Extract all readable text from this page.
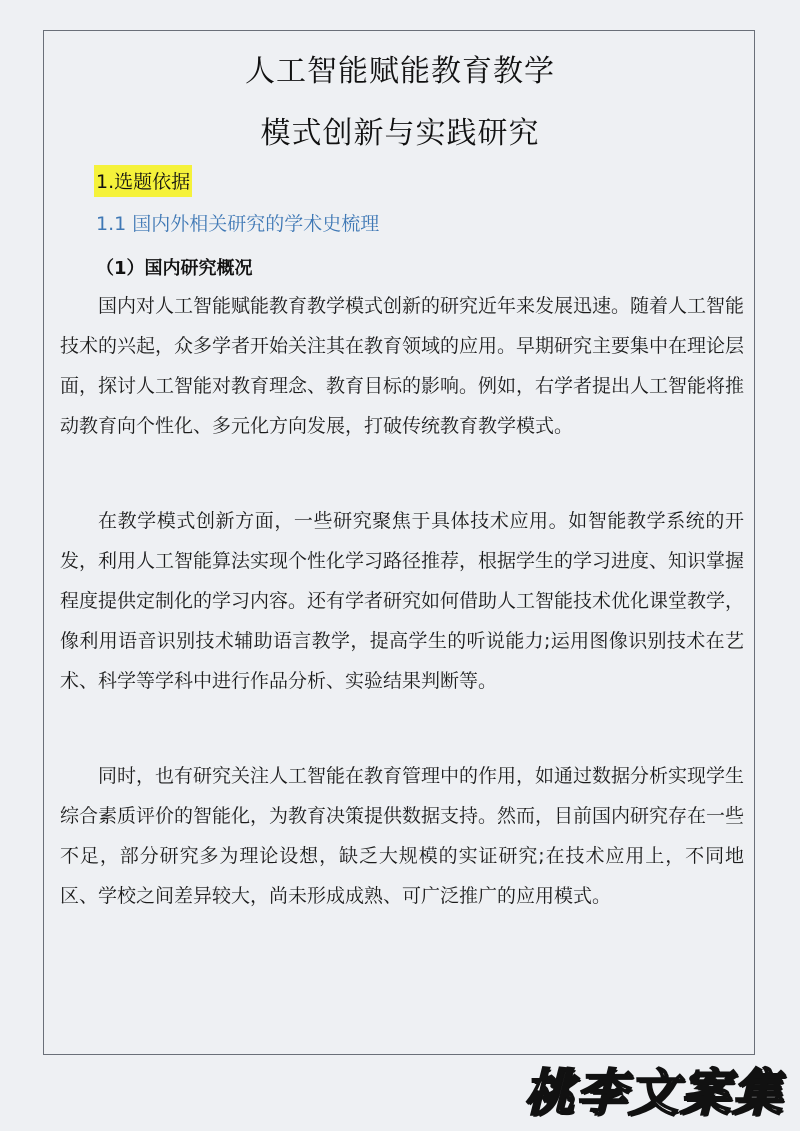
人工智能赋能教育教学
模式创新与实践研究
1.选题依据
1.1 国内外相关研究的学术史梳理
（1）国内研究概况

国内对人工智能赋能教育教学模式创新的研究近年来发展迅速。随着人工智能技术的兴起，众多学者开始关注其在教育领域的应用。早期研究主要集中在理论层面，探讨人工智能对教育理念、教育目标的影响。例如，右学者提出人工智能将推动教育向个性化、多元化方向发展，打破传统教育教学模式。

在教学模式创新方面，一些研究聚焦于具体技术应用。如智能教学系统的开发，利用人工智能算法实现个性化学习路径推荐，根据学生的学习进度、知识掌握程度提供定制化的学习内容。还有学者研究如何借助人工智能技术优化课堂教学，像利用语音识别技术辅助语言教学，提高学生的听说能力;运用图像识别技术在艺术、科学等学科中进行作品分析、实验结果判断等。

同时，也有研究关注人工智能在教育管理中的作用，如通过数据分析实现学生综合素质评价的智能化，为教育决策提供数据支持。然而，目前国内研究存在一些不足，部分研究多为理论设想，缺乏大规模的实证研究;在技术应用上，不同地区、学校之间差异较大，尚未形成成熟、可广泛推广的应用模式。

桃李文案集
